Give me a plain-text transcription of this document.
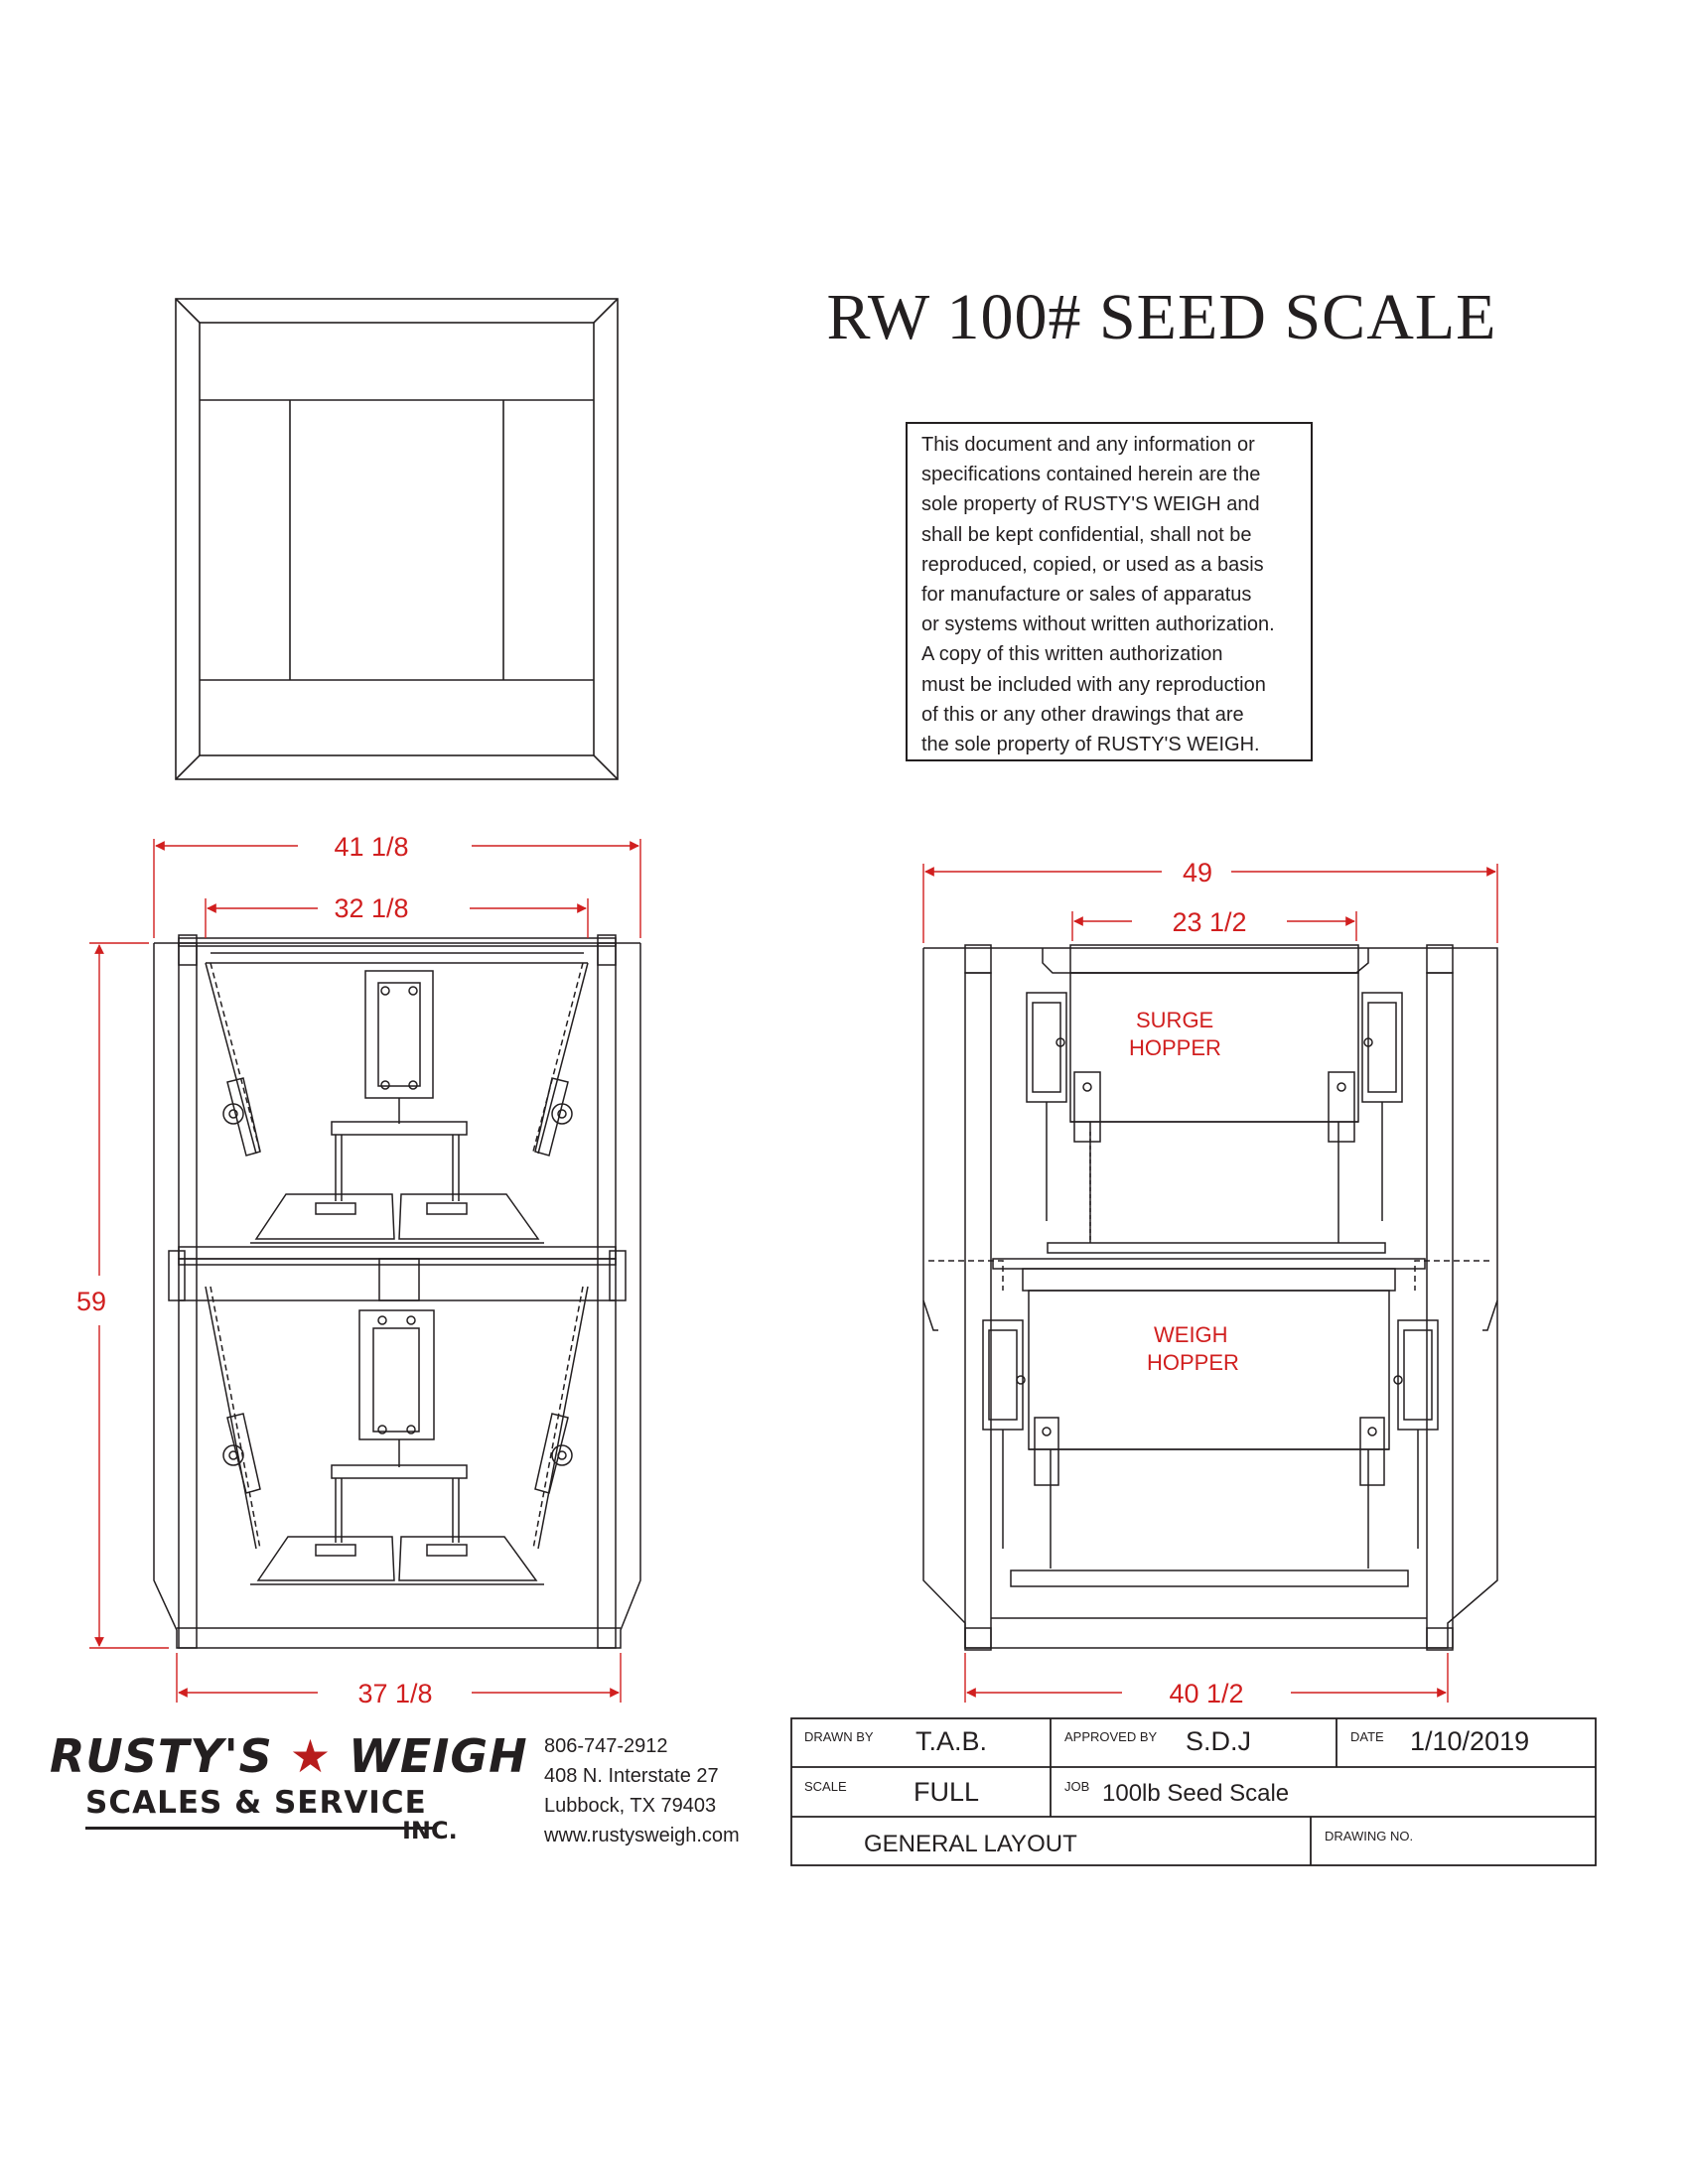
41 1/8
32 1/8
59
37 1/8
49
23 1/2
40 1/2
SURGE
HOPPER
WEIGH
HOPPER
RW 100# SEED SCALE
This document and any information or
specifications contained herein are the
sole property of RUSTY'S WEIGH and
shall be kept confidential, shall not be
reproduced, copied, or used as a basis
for manufacture or sales of apparatus
or systems without written authorization.
A copy of this written authorization
must be included with any reproduction
of this or any other drawings that are
the sole property of RUSTY'S WEIGH.
RUSTY'S ★ WEIGH
SCALES & SERVICE
INC.
806-747-2912
408 N. Interstate 27
Lubbock, TX 79403
www.rustysweigh.com
DRAWN BY T.A.B.	APPROVED BY S.D.J	DATE 1/10/2019
SCALE FULL	JOB 100lb Seed Scale
GENERAL LAYOUT	DRAWING NO.
